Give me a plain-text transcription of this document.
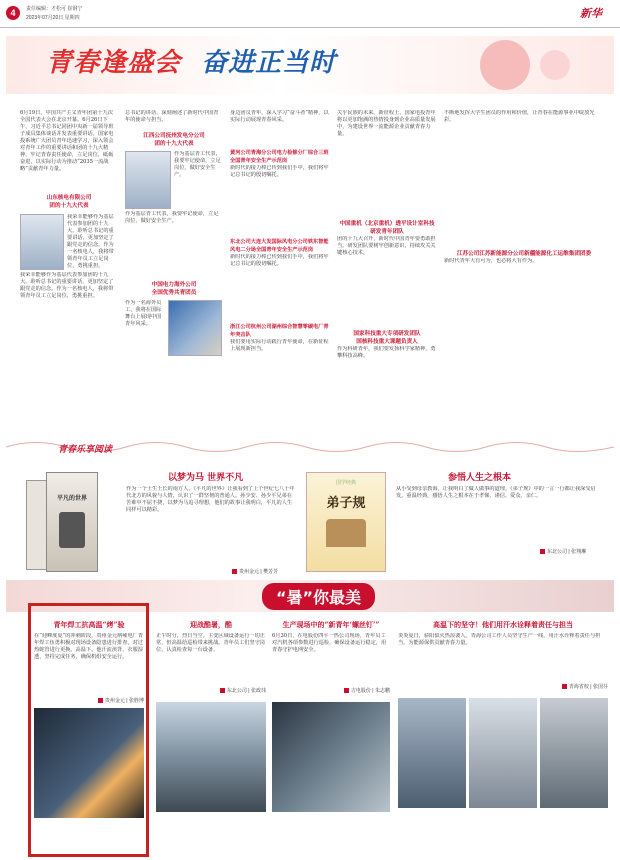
4	责任编辑：才松可 崔钢宁
2023年07月20日 星期四	新华
青春逢盛会 奋进正当时
6月19日，中国共产主义青年团第十九次全国代表大会在北京开幕。6月26日下午，习近平总书记同团中央新一届领导班子成员集体谈话并发表重要讲话。国家电投系统广大团员青年迅速学习，深入领会对青年工作的重要讲话和团的十九大精神，牢记青春责任使命，立足岗位，砥砺奋进，以实际行动为推动“2035一流战略”贡献青年力量。
山东核电有限公司
团的十九大代表
我荣幸能够作为基层代表参加团的十九大。聆听总书记的重要讲话，更加坚定了跟党走的信念。作为一名核电人，我将带领青年员工立足岗位，勇挑重担。
我荣幸能够作为基层代表参加团的十九大。聆听总书记的重要讲话，更加坚定了跟党走的信念。作为一名核电人，我将带领青年员工立足岗位，勇挑重担。
总书记的讲话，深刻阐述了新时代中国青年的使命与担当。
江西公司抚州发电分公司
团的十九大代表
作为基层青工代表，我要牢记使命，立足岗位，做好安全生产。
作为基层青工代表，我要牢记使命，立足岗位，做好安全生产。
中国电力海外公司
全国优秀共青团员
作为一名海外员工，我将在国际舞台上展现中国青年风采。
身边团员青年，深入学习“奋斗者”精神，以实际行动展现青春风采。
黄河公司青海分公司电力检修分厂综合三班全国青年安全生产示范岗
新时代的接力棒已传到我们手中，我们将牢记总书记的殷切嘱托。
东北公司大连大发国际风电分公司铁东智能风电二分场全国青年安全生产示范岗
新时代的接力棒已传到我们手中，我们将牢记总书记的殷切嘱托。
浙江公司杭州公司湖州综合智慧零碳电厂青年突击队
我们要用实际行动践行青年使命，在新征程上展现新担当。
关乎民族的未来。新征程上，国家电投青年将以更加饱满的热情投身到企业高质量发展中，为建设世界一流能源企业贡献青春力量。
中国重机（北京重机）透平设计室科技研发青年团队
团的十九大召开，新时代中国青年要勇敢担当。研发团队要树牢创新意识，持续攻关关键核心技术。
国家科技重大专项研发团队
国核科技重大课题负责人
作为科研青年，我们要发扬科学家精神，勇攀科技高峰。
不断地发挥大学生团员的作用和价值，让青春在能源事业中绽放光彩。
江苏公司江苏新能源分公司新疆能源化工运维集团团委
新时代青年大有可为，也必将大有作为。
青春乐享阅读
平凡的世界
以梦为马 世界不凡
作为一个土生土长的南方人，《平凡的世界》让我看到了上个世纪七八十年代北方的风貌与人情，认识了一群坚韧的普通人。孙少安、孙少平兄弟在苦难中不屈不挠，以梦为马追寻理想，他们的故事让我明白，平凡的人生同样可以精彩。
贵州金元 | 樊芳芳
国学经典
弟子规
参悟人生之根本
从小受到母亲教诲，让我明白了做人做事的道理。《弟子规》中的一言一行都让我深受启发。重温经典，感悟人生之根本在于孝悌、谨信、爱众、亲仁。
东北公司 | 张翔琳
“暑”你最美
青年焊工抗高温“烤”验
在“迎峰度夏”的冲刺阶段，贵州金元纳雍电厂青年焊工伍勇积极对现场设备隐患进行排查，对过热蛇管进行更换。高温下，他汗流浃背，衣服湿透，坚持完成任务，确保机组安全运行。
贵州金元 | 张胜博
迎战酷暑，酷
正午时分，烈日当空。主变区域设备运行一切正常，但高温给巡检带来挑战。青年员工们坚守岗位，认真检查每一台设备。
东北公司 | 张政玮
生产现场中的“新青年‘螺丝钉’”
6月30日，在电股份四平一热公司现场，青年员工对汽机各项参数进行巡检，确保设备运行稳定，用青春守护电网安全。
吉电股份 | 朱志鹏
高温下的坚守！他们用汗水诠释着责任与担当
炎炎夏日，骄阳似火热浪袭人。青海公司工作人员坚守生产一线，用汗水诠释着责任与担当，为能源保供贡献青春力量。
青海省校 | 张国芬
